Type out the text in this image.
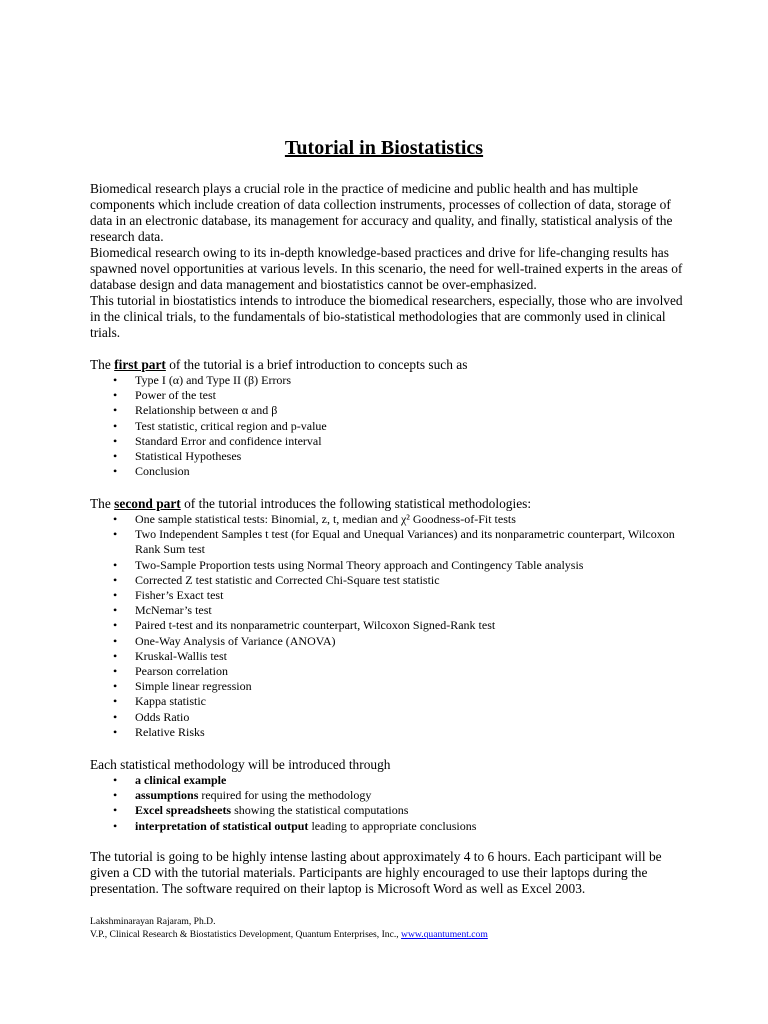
Tutorial in Biostatistics

Biomedical research plays a crucial role in the practice of medicine and public health and has multiple components which include creation of data collection instruments, processes of collection of data, storage of data in an electronic database, its management for accuracy and quality, and finally, statistical analysis of the research data.

Biomedical research owing to its in-depth knowledge-based practices and drive for life-changing results has spawned novel opportunities at various levels. In this scenario, the need for well-trained experts in the areas of database design and data management and biostatistics cannot be over-emphasized.

This tutorial in biostatistics intends to introduce the biomedical researchers, especially, those who are involved in the clinical trials, to the fundamentals of bio-statistical methodologies that are commonly used in clinical trials.

The first part of the tutorial is a brief introduction to concepts such as

• Type I (α) and Type II (β) Errors
• Power of the test
• Relationship between α and β
• Test statistic, critical region and p-value
• Standard Error and confidence interval
• Statistical Hypotheses
• Conclusion

The second part of the tutorial introduces the following statistical methodologies:

• One sample statistical tests: Binomial, z, t, median and χ² Goodness-of-Fit tests
• Two Independent Samples t test (for Equal and Unequal Variances) and its nonparametric counterpart, Wilcoxon Rank Sum test
• Two-Sample Proportion tests using Normal Theory approach and Contingency Table analysis
• Corrected Z test statistic and Corrected Chi-Square test statistic
• Fisher’s Exact test
• McNemar’s test
• Paired t-test and its nonparametric counterpart, Wilcoxon Signed-Rank test
• One-Way Analysis of Variance (ANOVA)
• Kruskal-Wallis test
• Pearson correlation
• Simple linear regression
• Kappa statistic
• Odds Ratio
• Relative Risks

Each statistical methodology will be introduced through

• a clinical example
• assumptions required for using the methodology
• Excel spreadsheets showing the statistical computations
• interpretation of statistical output leading to appropriate conclusions

The tutorial is going to be highly intense lasting about approximately 4 to 6 hours. Each participant will be given a CD with the tutorial materials. Participants are highly encouraged to use their laptops during the presentation. The software required on their laptop is Microsoft Word as well as Excel 2003.

Lakshminarayan Rajaram, Ph.D.
V.P., Clinical Research & Biostatistics Development, Quantum Enterprises, Inc., www.quantument.com
